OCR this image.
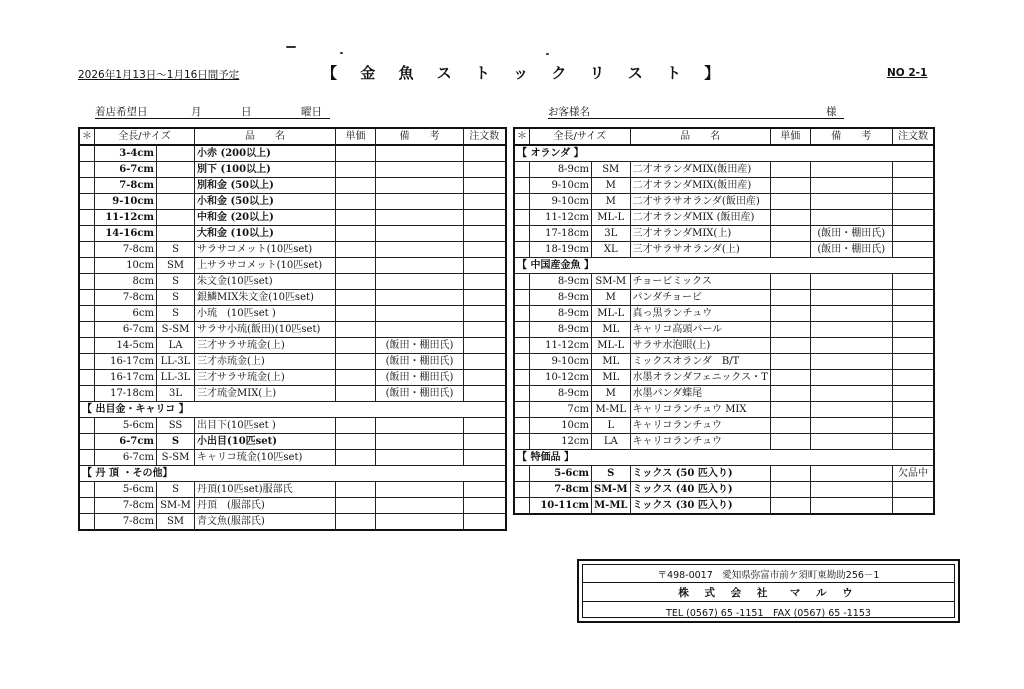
2026年1月13日～1月16日間予定	【 金 魚 ス ト ッ ク リ ス ト 】	NO 2-1
着店希望日	月	日	曜日	お客様名	様
＊	全長/サイズ		品　　名	単価	備　　考	注文数
	3-4cm		小赤 (200以上)			
	6-7cm		別下 (100以上)			
	7-8cm		別和金 (50以上)			
	9-10cm		小和金 (50以上)			
	11-12cm		中和金 (20以上)			
	14-16cm		大和金 (10以上)			
	7-8cm	S	サラサコメット(10匹set)			
	10cm	SM	上サラサコメット(10匹set)			
	8cm	S	朱文金(10匹set)			
	7-8cm	S	銀鱗MIX朱文金(10匹set)			
	6cm	S	小琉　(10匹set )			
	6-7cm	S-SM	サラサ小琉(飯田)(10匹set)			
	14-5cm	LA	三才サラサ琉金(上)		(飯田・棚田氏)	
	16-17cm	LL-3L	三才赤琉金(上)		(飯田・棚田氏)	
	16-17cm	LL-3L	三才サラサ琉金(上)		(飯田・棚田氏)	
	17-18cm	3L	三才琉金MIX(上)		(飯田・棚田氏)	
【 出目金・キャリコ 】						
	5-6cm	SS	出目下(10匹set )			
	6-7cm	S	小出目(10匹set)			
	6-7cm	S-SM	キャリコ琉金(10匹set)			
【 丹 頂 ・その他】						
	5-6cm	S	丹頂(10匹set)服部氏			
	7-8cm	SM-M	丹頂　(服部氏)			
	7-8cm	SM	青文魚(服部氏)			
＊	全長/サイズ		品　　名	単価	備　　考	注文数
【 オランダ 】						
	8-9cm	SM	二才オランダMIX(飯田産)			
	9-10cm	M	二才オランダMIX(飯田産)			
	9-10cm	M	二才サラサオランダ(飯田産)			
	11-12cm	ML-L	二才オランダMIX (飯田産)			
	17-18cm	3L	三才オランダMIX(上)		(飯田・棚田氏)	
	18-19cm	XL	三才サラサオランダ(上)		(飯田・棚田氏)	
【 中国産金魚 】						
	8-9cm	SM-M	チョービミックス			
	8-9cm	M	パンダチョービ			
	8-9cm	ML-L	真っ黒ランチュウ			
	8-9cm	ML	キャリコ高頭パール			
	11-12cm	ML-L	サラサ水泡眼(上)			
	9-10cm	ML	ミックスオランダ　B/T			
	10-12cm	ML	水墨オランダフェニックス・T			
	8-9cm	M	水墨パンダ蝶尾			
	7cm	M-ML	キャリコランチュウ MIX			
	10cm	L	キャリコランチュウ			
	12cm	LA	キャリコランチュウ			
【 特価品 】						
	5-6cm	S	ミックス (50 匹入り)			欠品中
	7-8cm	SM-M	ミックス (40 匹入り)			
	10-11cm	M-ML	ミックス (30 匹入り)			
〒498-0017　愛知県弥富市前ケ須町東勘助256－1
株 式 会 社　マ ル ウ
TEL (0567) 65 -1151　FAX (0567) 65 -1153
